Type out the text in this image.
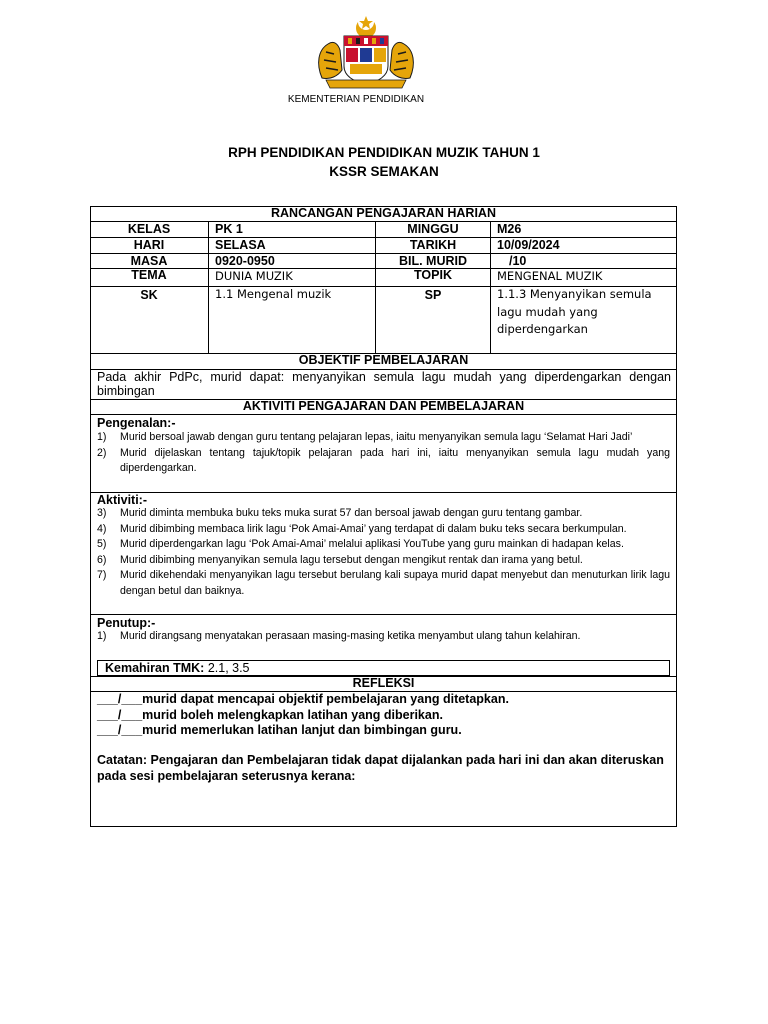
KEMENTERIAN PENDIDIKAN
RPH PENDIDIKAN PENDIDIKAN MUZIK TAHUN 1
KSSR SEMAKAN
RANCANGAN PENGAJARAN HARIAN
KELAS	PK 1	MINGGU	M26
HARI	SELASA	TARIKH	10/09/2024
MASA	0920-0950	BIL. MURID	/10
TEMA	DUNIA MUZIK	TOPIK	MENGENAL MUZIK
SK	1.1 Mengenal muzik	SP	1.1.3 Menyanyikan semula
lagu mudah yang
diperdengarkan
OBJEKTIF PEMBELAJARAN
Pada akhir PdPc, murid dapat: menyanyikan semula lagu mudah yang diperdengarkan dengan bimbingan
AKTIVITI PENGAJARAN DAN PEMBELAJARAN
Pengenalan:-
1) Murid bersoal jawab dengan guru tentang pelajaran lepas, iaitu menyanyikan semula lagu ‘Selamat Hari Jadi’
2) Murid dijelaskan tentang tajuk/topik pelajaran pada hari ini, iaitu menyanyikan semula lagu mudah yang diperdengarkan.
Aktiviti:-
3) Murid diminta membuka buku teks muka surat 57 dan bersoal jawab dengan guru tentang gambar.
4) Murid dibimbing membaca lirik lagu ‘Pok Amai-Amai’ yang terdapat di dalam buku teks secara berkumpulan.
5) Murid diperdengarkan lagu ‘Pok Amai-Amai’ melalui aplikasi YouTube yang guru mainkan di hadapan kelas.
6) Murid dibimbing menyanyikan semula lagu tersebut dengan mengikut rentak dan irama yang betul.
7) Murid dikehendaki menyanyikan lagu tersebut berulang kali supaya murid dapat menyebut dan menuturkan lirik lagu dengan betul dan baiknya.
Penutup:-
1) Murid dirangsang menyatakan perasaan masing-masing ketika menyambut ulang tahun kelahiran.
Kemahiran TMK: 2.1, 3.5
REFLEKSI
___/___murid dapat mencapai objektif pembelajaran yang ditetapkan.
___/___murid boleh melengkapkan latihan yang diberikan.
___/___murid memerlukan latihan lanjut dan bimbingan guru.
Catatan: Pengajaran dan Pembelajaran tidak dapat dijalankan pada hari ini dan akan diteruskan pada sesi pembelajaran seterusnya kerana:
